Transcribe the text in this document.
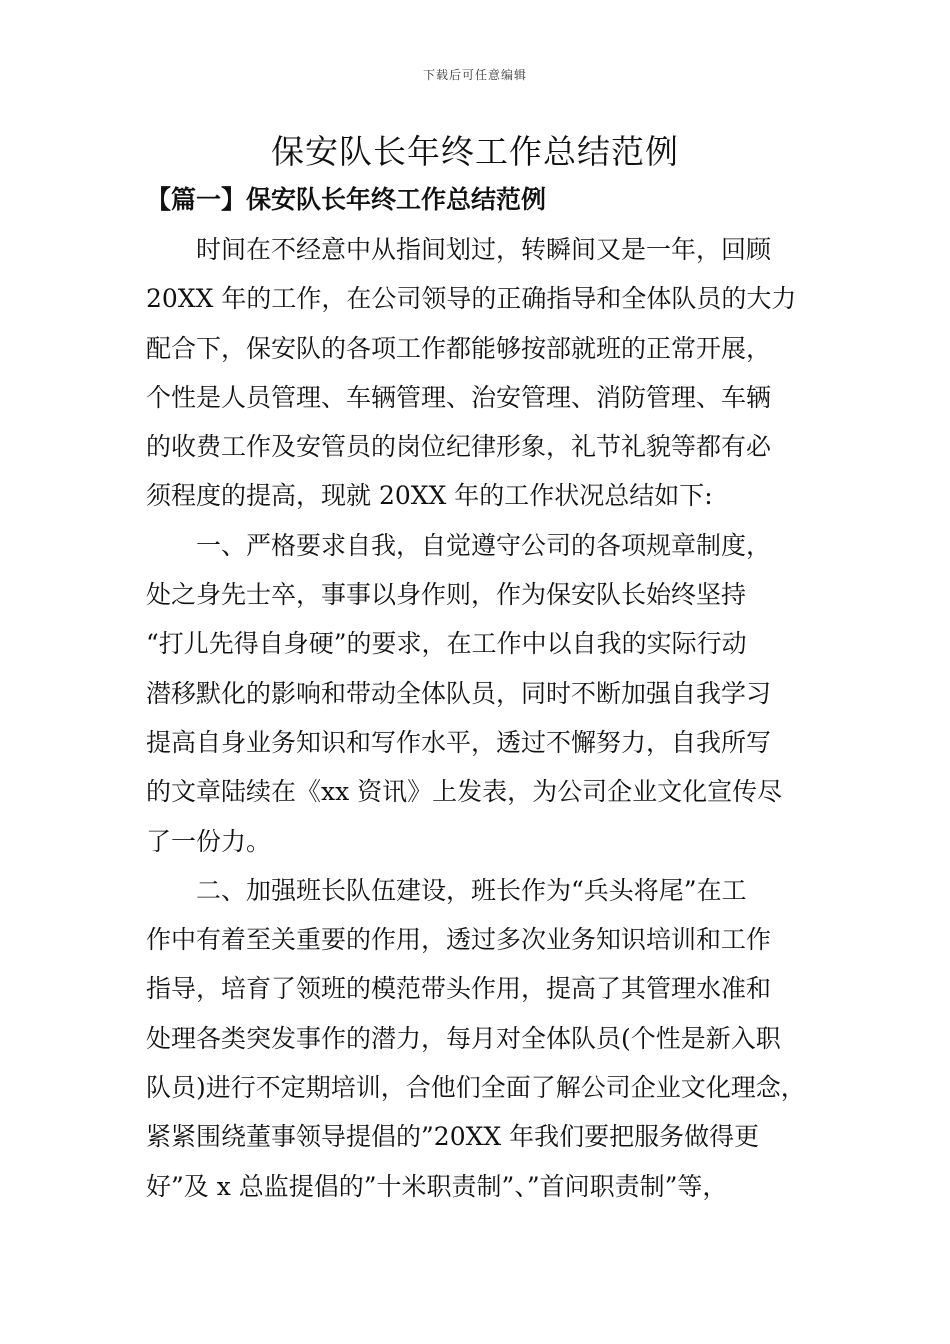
下载后可任意编辑
保安队长年终工作总结范例
【篇一】保安队长年终工作总结范例

时间在不经意中从指间划过，转瞬间又是一年，回顾
20XX 年的工作，在公司领导的正确指导和全体队员的大力
配合下，保安队的各项工作都能够按部就班的正常开展，
个性是人员管理、车辆管理、治安管理、消防管理、车辆
的收费工作及安管员的岗位纪律形象，礼节礼貌等都有必
须程度的提高，现就 20XX 年的工作状况总结如下:

一、严格要求自我，自觉遵守公司的各项规章制度，
处之身先士卒，事事以身作则，作为保安队长始终坚持
“打儿先得自身硬”的要求，在工作中以自我的实际行动
潜移默化的影响和带动全体队员，同时不断加强自我学习
提高自身业务知识和写作水平，透过不懈努力，自我所写
的文章陆续在《xx 资讯》上发表，为公司企业文化宣传尽
了一份力。

二、加强班长队伍建设，班长作为“兵头将尾”在工
作中有着至关重要的作用，透过多次业务知识培训和工作
指导，培育了领班的模范带头作用，提高了其管理水准和
处理各类突发事作的潜力，每月对全体队员(个性是新入职
队员)进行不定期培训，合他们全面了解公司企业文化理念，
紧紧围绕董事领导提倡的”20XX 年我们要把服务做得更
好”及 x 总监提倡的”十米职责制”、”首问职责制”等，
